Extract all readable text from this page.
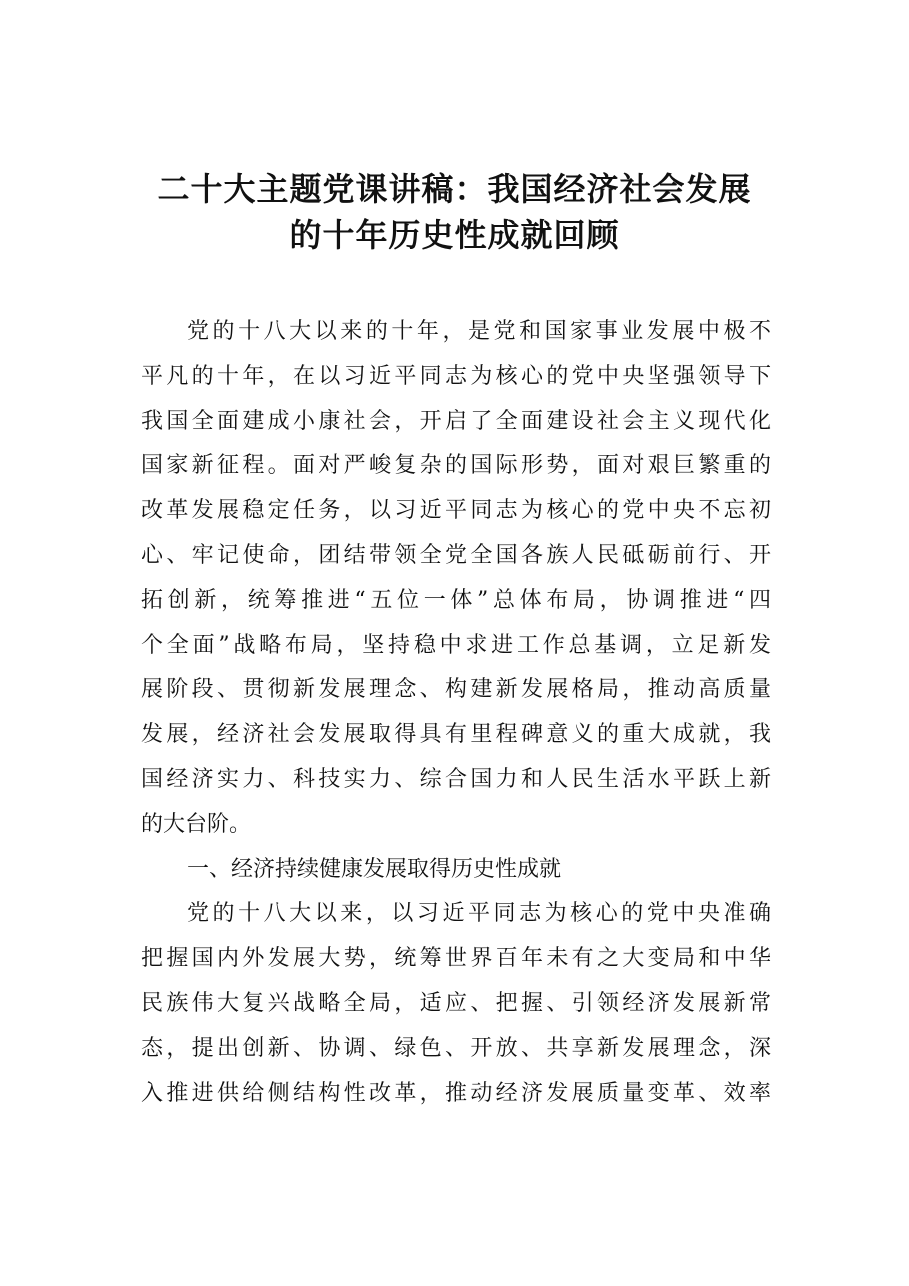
二十大主题党课讲稿：我国经济社会发展
的十年历史性成就回顾
党的十八大以来的十年，是党和国家事业发展中极不
平凡的十年，在以习近平同志为核心的党中央坚强领导下
我国全面建成小康社会，开启了全面建设社会主义现代化
国家新征程。面对严峻复杂的国际形势，面对艰巨繁重的
改革发展稳定任务，以习近平同志为核心的党中央不忘初
心、牢记使命，团结带领全党全国各族人民砥砺前行、开
拓创新，统筹推进“五位一体”总体布局，协调推进“四
个全面”战略布局，坚持稳中求进工作总基调，立足新发
展阶段、贯彻新发展理念、构建新发展格局，推动高质量
发展，经济社会发展取得具有里程碑意义的重大成就，我
国经济实力、科技实力、综合国力和人民生活水平跃上新
的大台阶。
一、经济持续健康发展取得历史性成就
党的十八大以来，以习近平同志为核心的党中央准确
把握国内外发展大势，统筹世界百年未有之大变局和中华
民族伟大复兴战略全局，适应、把握、引领经济发展新常
态，提出创新、协调、绿色、开放、共享新发展理念，深
入推进供给侧结构性改革，推动经济发展质量变革、效率
